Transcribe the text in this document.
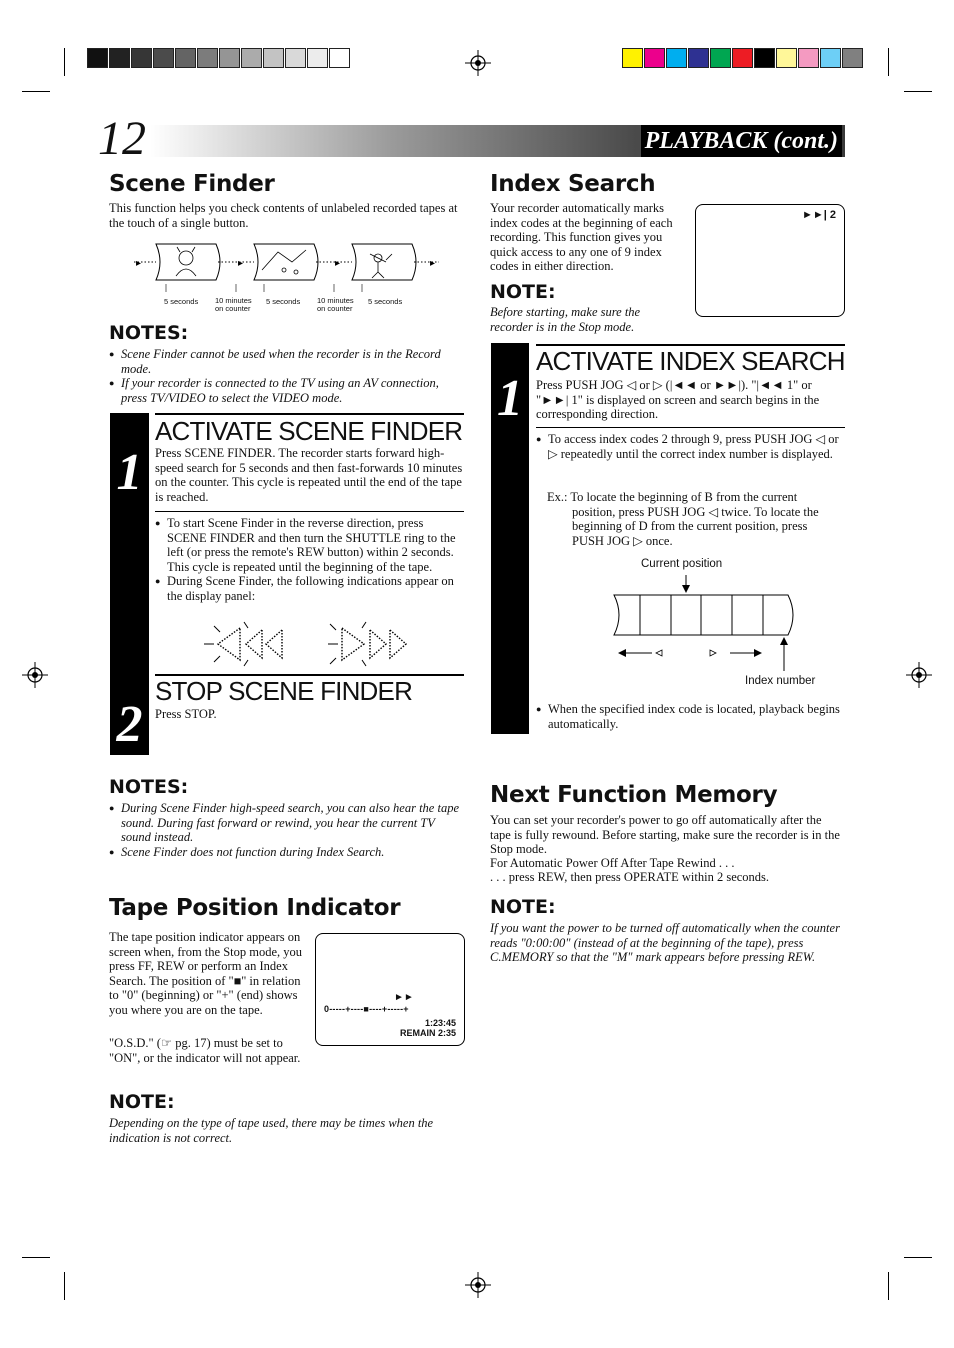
12	PLAYBACK (cont.)
Scene Finder
This function helps you check contents of unlabeled recorded tapes at the touch of a single button.
▸	▸	▸	▸
5 seconds 10 minutes on counter
5 seconds 10 minutes on counter
5 seconds
NOTES:
● Scene Finder cannot be used when the recorder is in the Record mode.
● If your recorder is connected to the TV using an AV connection, press TV/VIDEO to select the VIDEO mode.
1
ACTIVATE SCENE FINDER
Press SCENE FINDER. The recorder starts forward high-speed search for 5 seconds and then fast-forwards 10 minutes on the counter. This cycle is repeated until the end of the tape is reached.
● To start Scene Finder in the reverse direction, press SCENE FINDER and then turn the SHUTTLE ring to the left (or press the remote's REW button) within 2 seconds. This cycle is repeated until the beginning of the tape.
● During Scene Finder, the following indications appear on the display panel:
2
STOP SCENE FINDER
Press STOP.
NOTES:
● During Scene Finder high-speed search, you can also hear the tape sound. During fast forward or rewind, you hear the current TV sound instead.
● Scene Finder does not function during Index Search.
Tape Position Indicator
The tape position indicator appears on screen when, from the Stop mode, you press FF, REW or perform an Index Search. The position of "■" in relation to "0" (beginning) or "+" (end) shows you where you are on the tape.
"O.S.D." (☞ pg. 17) must be set to "ON", or the indicator will not appear.
►►
0-----+----■----+-----+
1:23:45
REMAIN 2:35
NOTE:
Depending on the type of tape used, there may be times when the indication is not correct.
Index Search
Your recorder automatically marks index codes at the beginning of each recording. This function gives you quick access to any one of 9 index codes in either direction.
►►| 2
NOTE:
Before starting, make sure the recorder is in the Stop mode.
1
ACTIVATE INDEX SEARCH
Press PUSH JOG ◁ or ▷ (|◄◄ or ►►|). "|◄◄ 1" or "►►| 1" is displayed on screen and search begins in the corresponding direction.
● To access index codes 2 through 9, press PUSH JOG ◁ or ▷ repeatedly until the correct index number is displayed.
Ex.: To locate the beginning of B from the current position, press PUSH JOG ◁ twice. To locate the beginning of D from the current position, press PUSH JOG ▷ once.
Current position
Index number
● When the specified index code is located, playback begins automatically.
Next Function Memory
You can set your recorder's power to go off automatically after the tape is fully rewound. Before starting, make sure the recorder is in the Stop mode.
For Automatic Power Off After Tape Rewind . . .
. . . press REW, then press OPERATE within 2 seconds.
NOTE:
If you want the power to be turned off automatically when the counter reads "0:00:00" (instead of at the beginning of the tape), press C.MEMORY so that the "M" mark appears before pressing REW.
